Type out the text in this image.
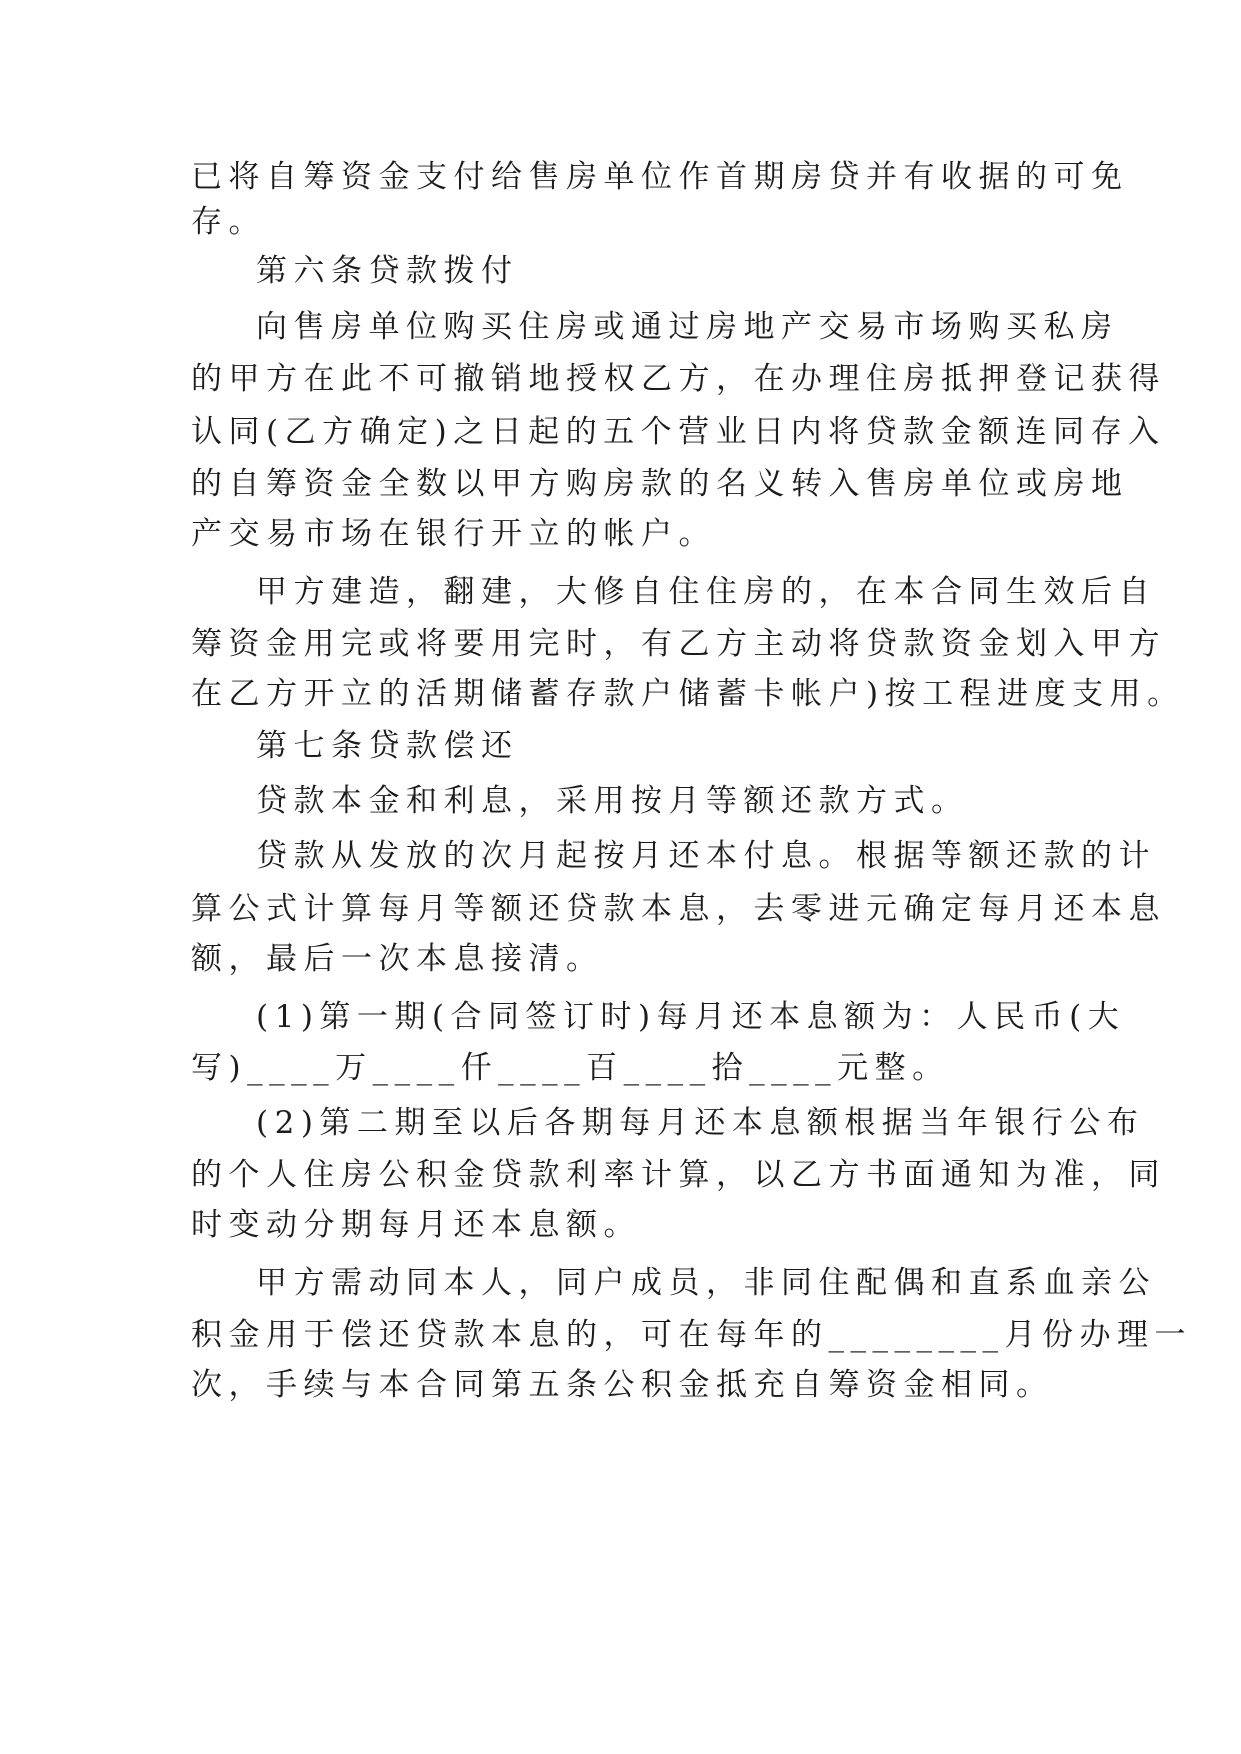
已将自筹资金支付给售房单位作首期房贷并有收据的可免
存。
第六条贷款拨付
向售房单位购买住房或通过房地产交易市场购买私房
的甲方在此不可撤销地授权乙方，在办理住房抵押登记获得
认同(乙方确定)之日起的五个营业日内将贷款金额连同存入
的自筹资金全数以甲方购房款的名义转入售房单位或房地
产交易市场在银行开立的帐户。
甲方建造，翻建，大修自住住房的，在本合同生效后自
筹资金用完或将要用完时，有乙方主动将贷款资金划入甲方
在乙方开立的活期储蓄存款户储蓄卡帐户)按工程进度支用。
第七条贷款偿还
贷款本金和利息，采用按月等额还款方式。
贷款从发放的次月起按月还本付息。根据等额还款的计
算公式计算每月等额还贷款本息，去零进元确定每月还本息
额，最后一次本息接清。
(1)第一期(合同签订时)每月还本息额为：人民币(大
写)____万____仟____百____拾____元整。
(2)第二期至以后各期每月还本息额根据当年银行公布
的个人住房公积金贷款利率计算，以乙方书面通知为准，同
时变动分期每月还本息额。
甲方需动同本人，同户成员，非同住配偶和直系血亲公
积金用于偿还贷款本息的，可在每年的________月份办理一
次，手续与本合同第五条公积金抵充自筹资金相同。
